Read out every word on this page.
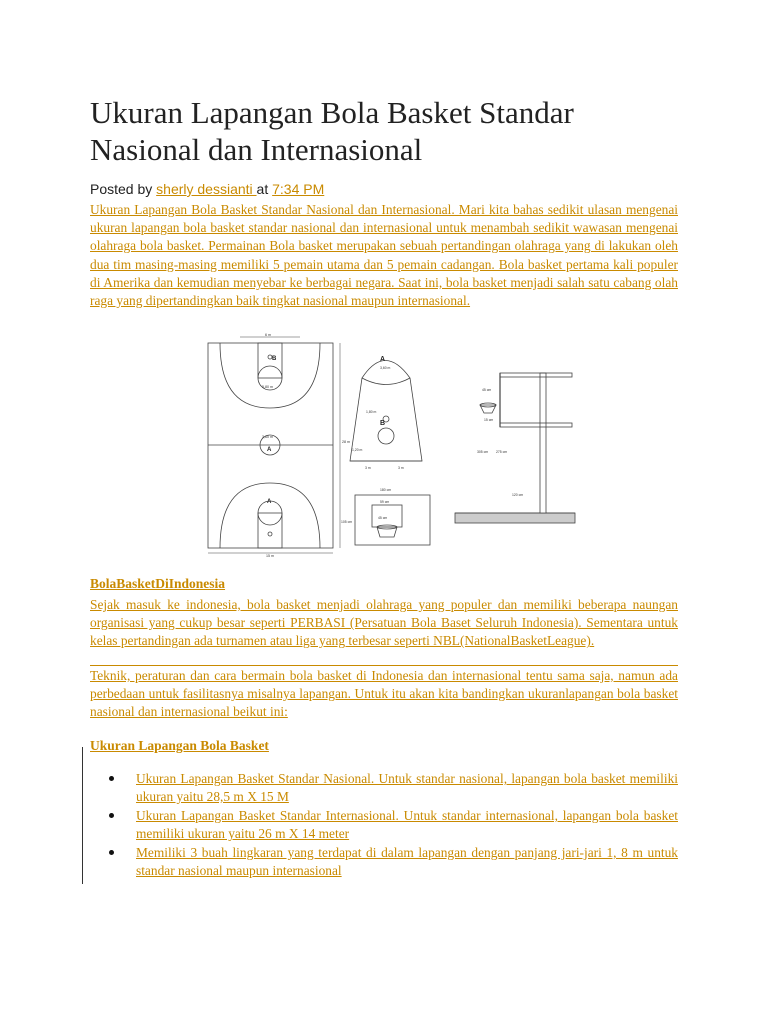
Ukuran Lapangan Bola Basket Standar Nasional dan Internasional
Posted by sherly dessianti at 7:34 PM
Ukuran Lapangan Bola Basket Standar Nasional dan Internasional. Mari kita bahas sedikit ulasan mengenai ukuran lapangan bola basket standar nasional dan internasional untuk menambah sedikit wawasan mengenai olahraga bola basket. Permainan Bola basket merupakan sebuah pertandingan olahraga yang di lakukan oleh dua tim masing-masing memiliki 5 pemain utama dan 5 pemain cadangan. Bola basket pertama kali populer di Amerika dan kemudian menyebar ke berbagai negara. Saat ini, bola basket menjadi salah satu cabang olah raga yang dipertandingkan baik tingkat nasional maupun internasional.
B
A
A
6 m
5,80 m
3,60 m
28 m
15 m
A
B
3,60 m
1,80 m
1,20 m
3 m	3 m
180 cm
59 cm
45 cm
105 cm
45 cm
15 cm
305 cm 275 cm
120 cm
BolaBasketDiIndonesia
Sejak masuk ke indonesia, bola basket menjadi olahraga yang populer dan memiliki beberapa naungan organisasi yang cukup besar seperti PERBASI (Persatuan Bola Baset Seluruh Indonesia). Sementara untuk kelas pertandingan ada turnamen atau liga yang terbesar seperti NBL(NationalBasketLeague).
Teknik, peraturan dan cara bermain bola basket di Indonesia dan internasional tentu sama saja, namun ada perbedaan untuk fasilitasnya misalnya lapangan. Untuk itu akan kita bandingkan ukuranlapangan bola basket nasional dan internasional beikut ini:
Ukuran Lapangan Bola Basket
Ukuran Lapangan Basket Standar Nasional. Untuk standar nasional, lapangan bola basket memiliki ukuran yaitu 28,5 m X 15 M
Ukuran Lapangan Basket Standar Internasional. Untuk standar internasional, lapangan bola basket memiliki ukuran yaitu 26 m X 14 meter
Memiliki 3 buah lingkaran yang terdapat di dalam lapangan dengan panjang jari-jari 1, 8 m untuk standar nasional maupun internasional
